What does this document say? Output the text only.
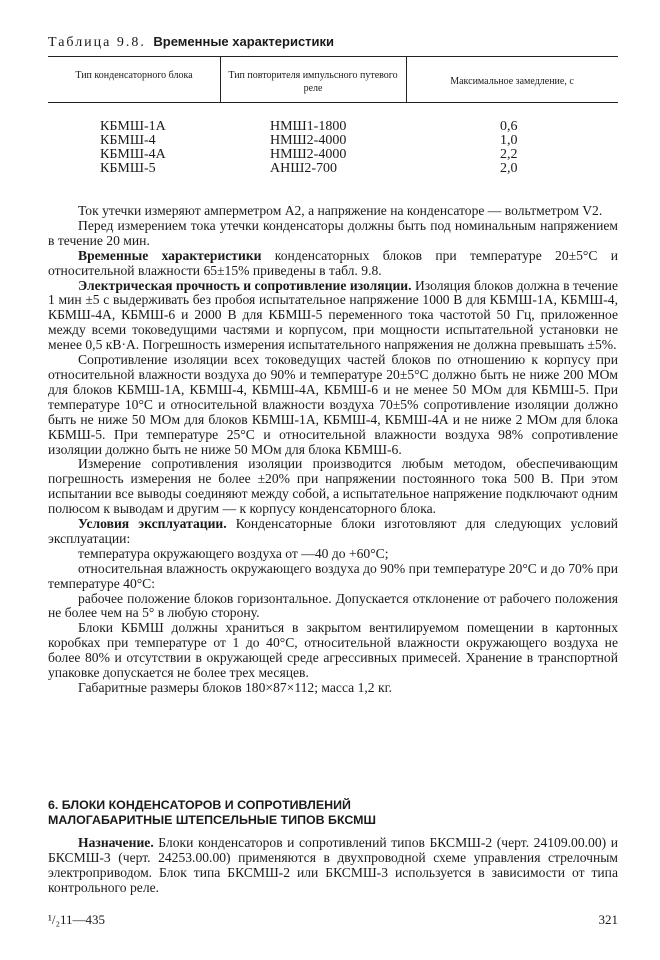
Таблица 9.8. Временные характеристики
Тип конденсаторного блока	Тип повторителя импульсного путевого реле
Максимальное замедление, с
КБМШ-1А
КБМШ-4
КБМШ-4А
КБМШ-5
НМШ1-1800
НМШ2-4000
НМШ2-4000
АНШ2-700
0,6
1,0
2,2
2,0

Ток утечки измеряют амперметром А2, а напряжение на конденсаторе — вольтметром V2.

Перед измерением тока утечки конденсаторы должны быть под номинальным напряжением в течение 20 мин.

Временные характеристики конденсаторных блоков при температуре 20±5°С и относительной влажности 65±15% приведены в табл. 9.8.

Электрическая прочность и сопротивление изоляции. Изоляция блоков должна в течение 1 мин ±5 с выдерживать без пробоя испытательное напряжение 1000 В для КБМШ-1А, КБМШ-4, КБМШ-4А, КБМШ-6 и 2000 В для КБМШ-5 переменного тока частотой 50 Гц, приложенное между всеми токоведущими частями и корпусом, при мощности испытательной установки не менее 0,5 кВ·А. Погрешность измерения испытательного напряжения не должна превышать ±5%.

Сопротивление изоляции всех токоведущих частей блоков по отношению к корпусу при относительной влажности воздуха до 90% и температуре 20±5°С должно быть не ниже 200 МОм для блоков КБМШ-1А, КБМШ-4, КБМШ-4А, КБМШ-6 и не менее 50 МОм для КБМШ-5. При температуре 10°С и относительной влажности воздуха 70±5% сопротивление изоляции должно быть не ниже 50 МОм для блоков КБМШ-1А, КБМШ-4, КБМШ-4А и не ниже 2 МОм для блока КБМШ-5. При температуре 25°С и относительной влажности воздуха 98% сопротивление изоляции должно быть не ниже 50 МОм для блока КБМШ-6.

Измерение сопротивления изоляции производится любым методом, обеспечивающим погрешность измерения не более ±20% при напряжении постоянного тока 500 В. При этом испытании все выводы соединяют между собой, а испытательное напряжение подключают одним полюсом к выводам и другим — к корпусу конденсаторного блока.

Условия эксплуатации. Конденсаторные блоки изготовляют для следующих условий эксплуатации:

температура окружающего воздуха от —40 до +60°С;

относительная влажность окружающего воздуха до 90% при температуре 20°С и до 70% при температуре 40°С:

рабочее положение блоков горизонтальное. Допускается отклонение от рабочего положения не более чем на 5° в любую сторону.

Блоки КБМШ должны храниться в закрытом вентилируемом помещении в картонных коробках при температуре от 1 до 40°С, относительной влажности окружающего воздуха не более 80% и отсутствии в окружающей среде агрессивных примесей. Хранение в транспортной упаковке допускается не более трех месяцев.

Габаритные размеры блоков 180×87×112; масса 1,2 кг.

6. БЛОКИ КОНДЕНСАТОРОВ И СОПРОТИВЛЕНИЙ
МАЛОГАБАРИТНЫЕ ШТЕПСЕЛЬНЫЕ ТИПОВ БКСМШ

Назначение. Блоки конденсаторов и сопротивлений типов БКСМШ-2 (черт. 24109.00.00) и БКСМШ-3 (черт. 24253.00.00) применяются в двухпроводной схеме управления стрелочным электроприводом. Блок типа БКСМШ-2 или БКСМШ-3 используется в зависимости от типа контрольного реле.

¹/₂11—435	321
